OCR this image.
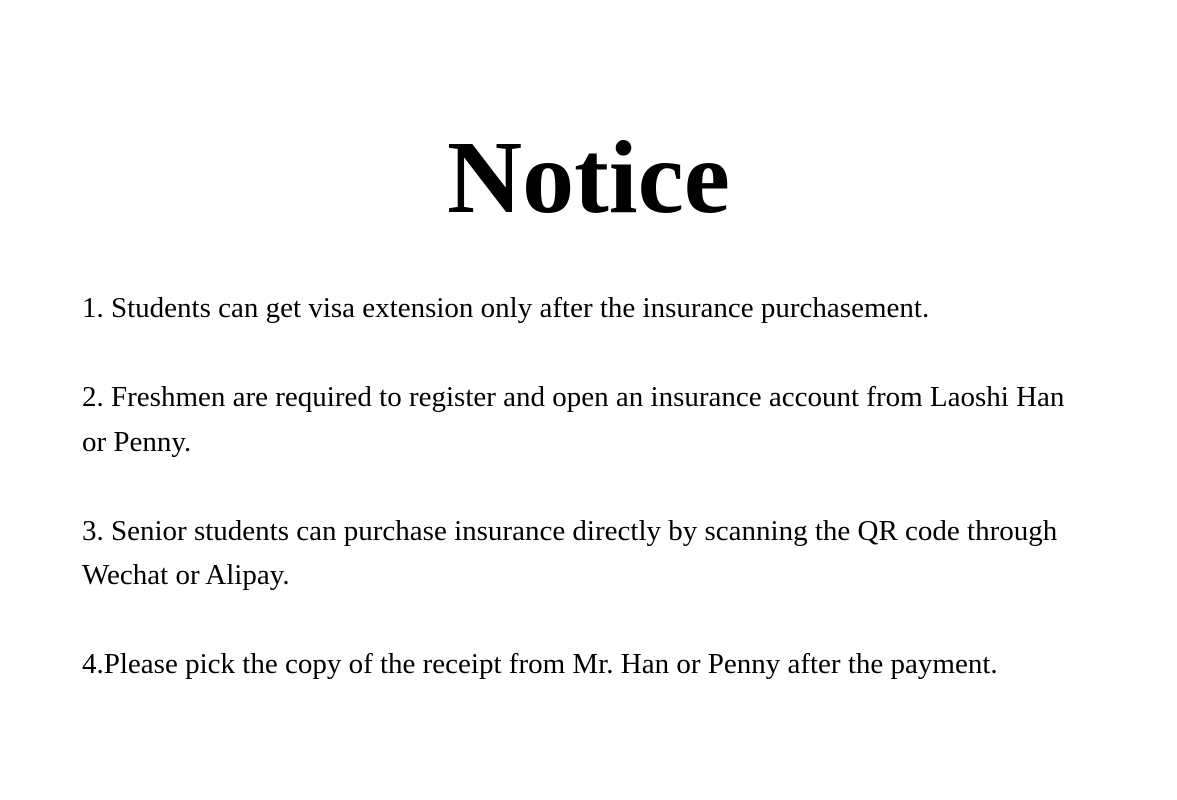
Notice
1. Students can get visa extension only after the insurance purchasement.
2. Freshmen are required to register and open an insurance account from Laoshi Han or Penny.
3. Senior students can purchase insurance directly by scanning the QR code through Wechat or Alipay.
4.Please pick the copy of the receipt from Mr. Han or Penny after the payment.
